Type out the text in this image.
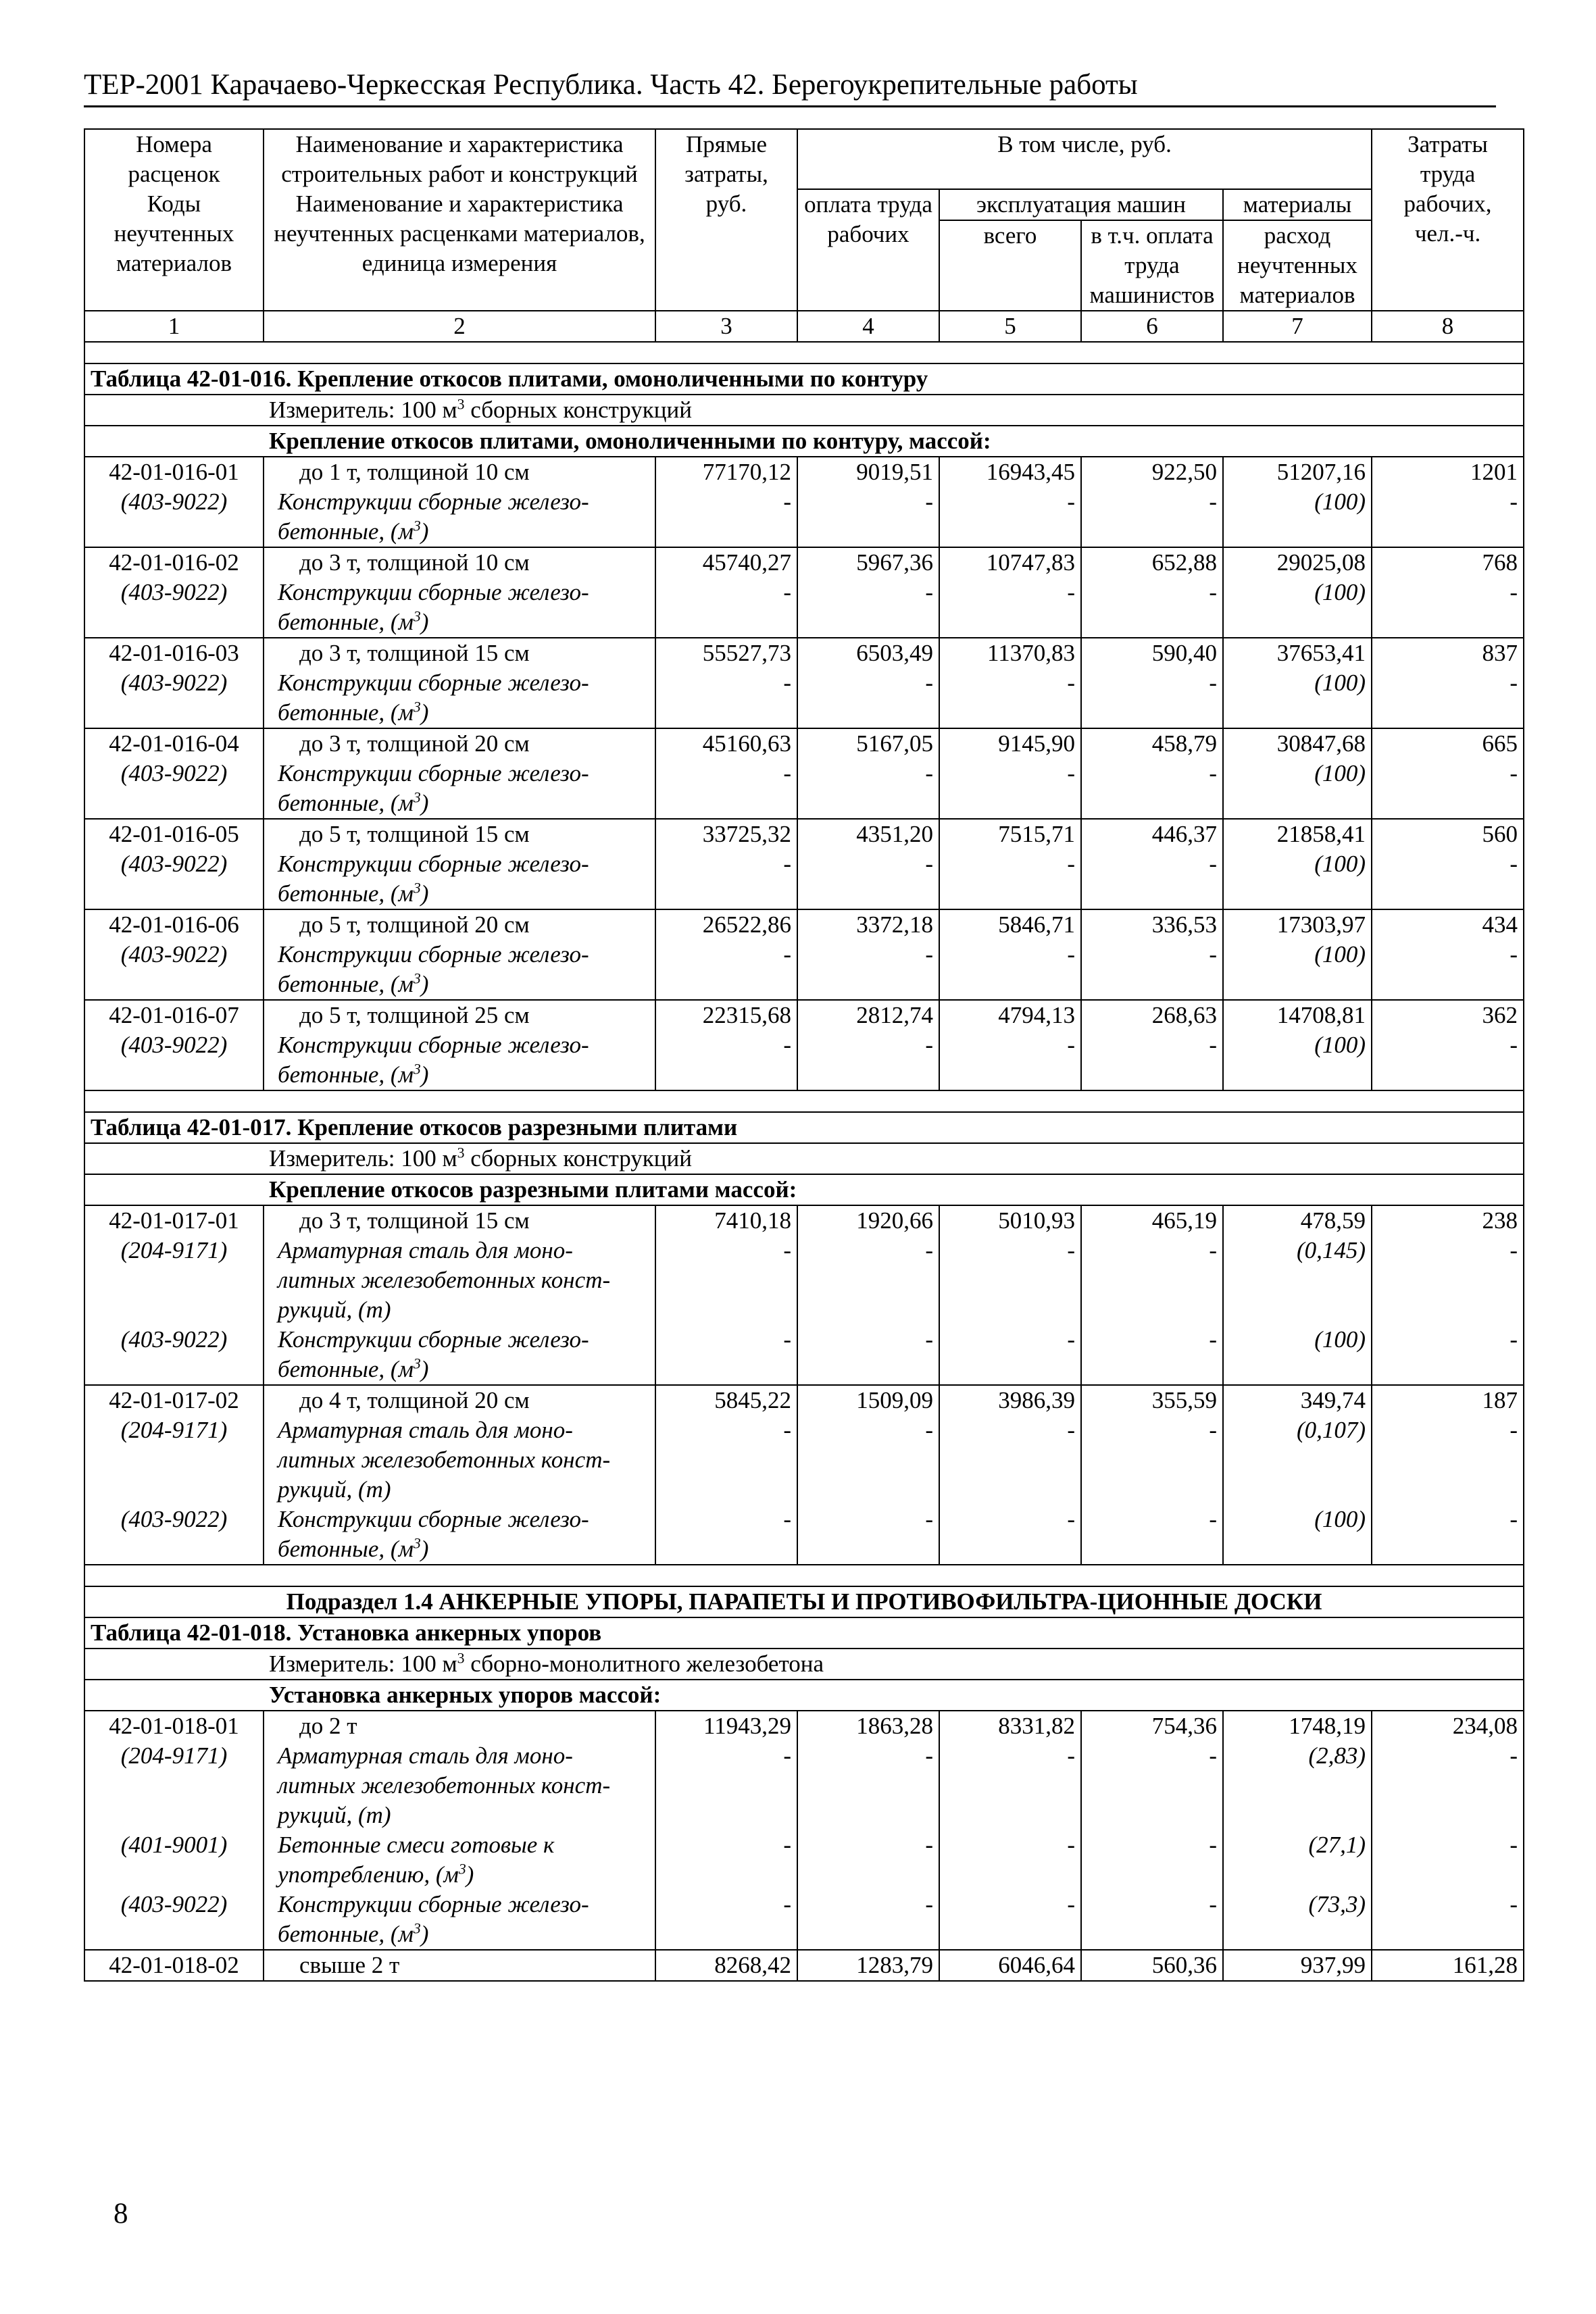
ТЕР-2001 Карачаево-Черкесская Республика. Часть 42. Берегоукрепительные работы
Номера расценок	Наименование и характеристика строительных работ и конструкций	Прямые затраты, руб.	В том числе, руб.				Затраты труда рабочих, чел.-ч.
Коды неучтенных материалов	Наименование и характеристика неучтенных расценками материалов, единица измерения		оплата труда рабочих	эксплуатация машин		материалы	
				всего	в т.ч. оплата труда машинистов	расход неучтенных материалов	

1	2	3	4	5	6	7	8

Таблица 42-01-016. Крепление откосов плитами, омоноличенными по контуру							
	Измеритель: 100 $м^3$ сборных конструкций						
	Крепление откосов плитами, омоноличенными по контуру, массой:						
42-01-016-01	до 1 т, толщиной 10 см	77170,12	9019,51	16943,45	922,50	51207,16	1201
(403-9022)	Конструкции сборные железо-бетонные, $(м^3)$	-	-	-	-	(100)	-
42-01-016-02	до 3 т, толщиной 10 см	45740,27	5967,36	10747,83	652,88	29025,08	768
(403-9022)	Конструкции сборные железо-бетонные, $(м^3)$	-	-	-	-	(100)	-
42-01-016-03	до 3 т, толщиной 15 см	55527,73	6503,49	11370,83	590,40	37653,41	837
(403-9022)	Конструкции сборные железо-бетонные, $(м^3)$	-	-	-	-	(100)	-
42-01-016-04	до 3 т, толщиной 20 см	45160,63	5167,05	9145,90	458,79	30847,68	665
(403-9022)	Конструкции сборные железо-бетонные, $(м^3)$	-	-	-	-	(100)	-
42-01-016-05	до 5 т, толщиной 15 см	33725,32	4351,20	7515,71	446,37	21858,41	560
(403-9022)	Конструкции сборные железо-бетонные, $(м^3)$	-	-	-	-	(100)	-
42-01-016-06	до 5 т, толщиной 20 см	26522,86	3372,18	5846,71	336,53	17303,97	434
(403-9022)	Конструкции сборные железо-бетонные, $(м^3)$	-	-	-	-	(100)	-
42-01-016-07	до 5 т, толщиной 25 см	22315,68	2812,74	4794,13	268,63	14708,81	362
(403-9022)	Конструкции сборные железо-бетонные, $(м^3)$	-	-	-	-	(100)	-

Таблица 42-01-017. Крепление откосов разрезными плитами							
	Измеритель: 100 $м^3$ сборных конструкций						
	Крепление откосов разрезными плитами массой:						
42-01-017-01	до 3 т, толщиной 15 см	7410,18	1920,66	5010,93	465,19	478,59	238
(204-9171)	Арматурная сталь для моно-литных железобетонных конст-рукций, (т)	-	-	-	-	(0,145)	-
(403-9022)	Конструкции сборные железо-бетонные, $(м^3)$	-	-	-	-	(100)	-
42-01-017-02	до 4 т, толщиной 20 см	5845,22	1509,09	3986,39	355,59	349,74	187
(204-9171)	Арматурная сталь для моно-литных железобетонных конст-рукций, (т)	-	-	-	-	(0,107)	-
(403-9022)	Конструкции сборные железо-бетонные, $(м^3)$	-	-	-	-	(100)	-

Подраздел 1.4 АНКЕРНЫЕ УПОРЫ, ПАРАПЕТЫ И ПРОТИВОФИЛЬТРА-ЦИОННЫЕ ДОСКИ							
Таблица 42-01-018. Установка анкерных упоров							
	Измеритель: 100 $м^3$ сборно-монолитного железобетона						
	Установка анкерных упоров массой:						
42-01-018-01	до 2 т	11943,29	1863,28	8331,82	754,36	1748,19	234,08
(204-9171)	Арматурная сталь для моно-литных железобетонных конст-рукций, (т)	-	-	-	-	(2,83)	-
(401-9001)	Бетонные смеси готовые к употреблению, $(м^3)$	-	-	-	-	(27,1)	-
(403-9022)	Конструкции сборные железо-бетонные, $(м^3)$	-	-	-	-	(73,3)	-
42-01-018-02	свыше 2 т	8268,42	1283,79	6046,64	560,36	937,99	161,28
8
